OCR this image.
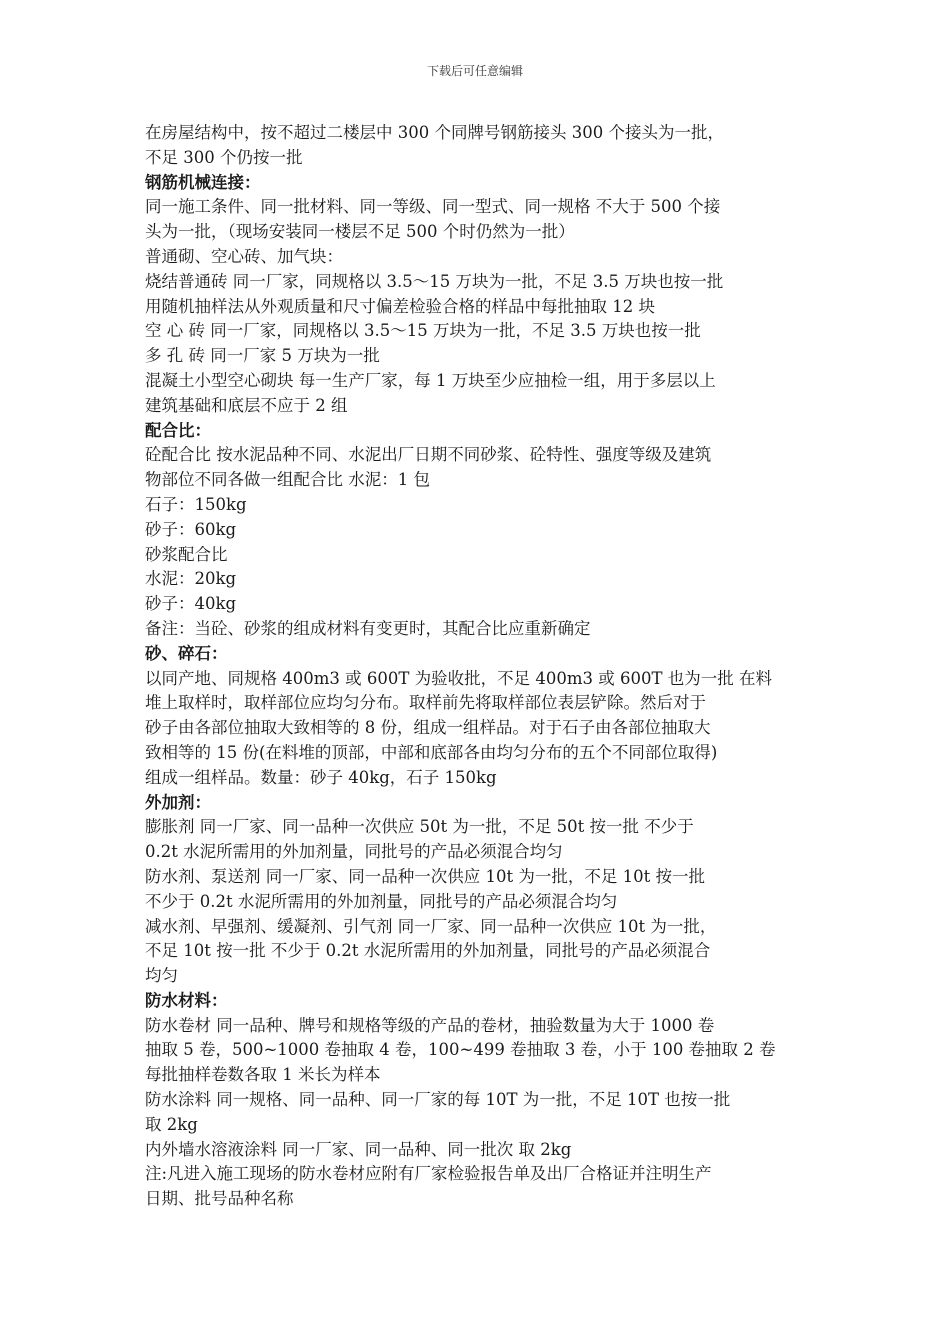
下载后可任意编辑
在房屋结构中，按不超过二楼层中 300 个同牌号钢筋接头 300 个接头为一批，
不足 300 个仍按一批
钢筋机械连接：
同一施工条件、同一批材料、同一等级、同一型式、同一规格 不大于 500 个接
头为一批，（现场安装同一楼层不足 500 个时仍然为一批）
普通砌、空心砖、加气块：
烧结普通砖 同一厂家，同规格以 3.5～15 万块为一批，不足 3.5 万块也按一批
用随机抽样法从外观质量和尺寸偏差检验合格的样品中每批抽取 12 块
空 心 砖 同一厂家，同规格以 3.5～15 万块为一批，不足 3.5 万块也按一批
多 孔 砖 同一厂家 5 万块为一批
混凝土小型空心砌块 每一生产厂家，每 1 万块至少应抽检一组，用于多层以上
建筑基础和底层不应于 2 组
配合比：
砼配合比 按水泥品种不同、水泥出厂日期不同砂浆、砼特性、强度等级及建筑
物部位不同各做一组配合比 水泥：1 包
石子：150kg
砂子：60kg
砂浆配合比
水泥：20kg
砂子：40kg
备注：当砼、砂浆的组成材料有变更时，其配合比应重新确定
砂、碎石：
以同产地、同规格 400m3 或 600T 为验收批，不足 400m3 或 600T 也为一批 在料
堆上取样时，取样部位应均匀分布。取样前先将取样部位表层铲除。然后对于
砂子由各部位抽取大致相等的 8 份，组成一组样品。对于石子由各部位抽取大
致相等的 15 份(在料堆的顶部，中部和底部各由均匀分布的五个不同部位取得)
组成一组样品。数量：砂子 40kg，石子 150kg
外加剂：
膨胀剂 同一厂家、同一品种一次供应 50t 为一批，不足 50t 按一批 不少于
0.2t 水泥所需用的外加剂量，同批号的产品必须混合均匀
防水剂、泵送剂 同一厂家、同一品种一次供应 10t 为一批，不足 10t 按一批
不少于 0.2t 水泥所需用的外加剂量，同批号的产品必须混合均匀
减水剂、早强剂、缓凝剂、引气剂 同一厂家、同一品种一次供应 10t 为一批，
不足 10t 按一批 不少于 0.2t 水泥所需用的外加剂量，同批号的产品必须混合
均匀
防水材料：
防水卷材 同一品种、牌号和规格等级的产品的卷材，抽验数量为大于 1000 卷
抽取 5 卷，500~1000 卷抽取 4 卷，100~499 卷抽取 3 卷，小于 100 卷抽取 2 卷
每批抽样卷数各取 1 米长为样本
防水涂料 同一规格、同一品种、同一厂家的每 10T 为一批，不足 10T 也按一批
取 2kg
内外墙水溶液涂料 同一厂家、同一品种、同一批次 取 2kg
注:凡进入施工现场的防水卷材应附有厂家检验报告单及出厂合格证并注明生产
日期、批号品种名称
